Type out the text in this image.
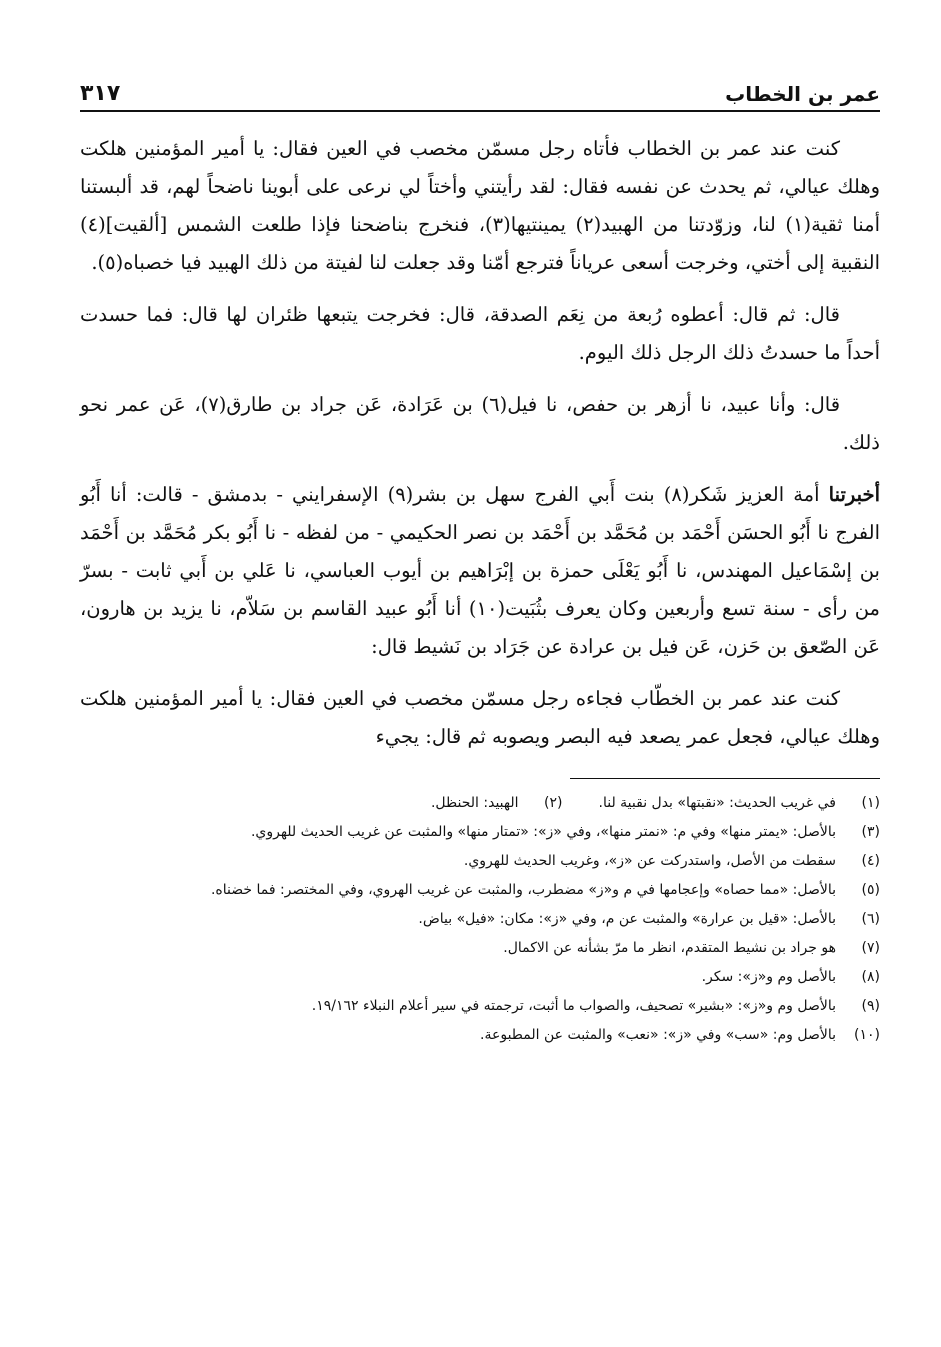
عمر بن الخطاب
٣١٧

كنت عند عمر بن الخطاب فأتاه رجل مسمّن مخصب في العين فقال: يا أمير المؤمنين هلكت وهلك عيالي، ثم يحدث عن نفسه فقال: لقد رأيتني وأختاً لي نرعى على أبوينا ناضحاً لهم، قد ألبستنا أمنا ثقية(١) لنا، وزوّدتنا من الهبيد(٢) يمينتيها(٣)، فنخرج بناضحنا فإذا طلعت الشمس [ألقيت](٤) النقبية إلى أختي، وخرجت أسعى عرياناً فترجع أمّنا وقد جعلت لنا لفيتة من ذلك الهبيد فيا خصباه(٥).

قال: ثم قال: أعطوه رُبعة من نِعَم الصدقة، قال: فخرجت يتبعها ظئران لها قال: فما حسدت أحداً ما حسدتُ ذلك الرجل ذلك اليوم.

قال: وأنا عبيد، نا أزهر بن حفص، نا فيل(٦) بن عَرَادة، عَن جراد بن طارق(٧)، عَن عمر نحو ذلك.

أخبرتنا أمة العزيز شَكر(٨) بنت أَبي الفرج سهل بن بشر(٩) الإسفرايني - بدمشق - قالت: أنا أَبُو الفرج نا أَبُو الحسَن أَحْمَد بن مُحَمَّد بن أَحْمَد بن نصر الحكيمي - من لفظه - نا أَبُو بكر مُحَمَّد بن أَحْمَد بن إسْمَاعيل المهندس، نا أَبُو يَعْلَى حمزة بن إبْرَاهيم بن أيوب العباسي، نا عَلي بن أَبي ثابت - بسرّ من رأى - سنة تسع وأربعين وكان يعرف بثُبَيت(١٠) أنا أَبُو عبيد القاسم بن سَلاّم، نا يزيد بن هارون، عَن الصّعق بن حَزن، عَن فيل بن عرادة عن جَرَاد بن نَشيط قال:

كنت عند عمر بن الخطّاب فجاءه رجل مسمّن مخصب في العين فقال: يا أمير المؤمنين هلكت وهلك عيالي، فجعل عمر يصعد فيه البصر ويصوبه ثم قال: يجيء

(١)
في غريب الحديث: «نقبتها» بدل نقبية لنا.
(٢)
الهبيد: الحنظل.
(٣)
بالأصل: «يمتر منها» وفي م: «نمتر منها»، وفي «ز»: «تمتار منها» والمثبت عن غريب الحديث للهروي.
(٤)
سقطت من الأصل، واستدركت عن «ز»، وغريب الحديث للهروي.
(٥)
بالأصل: «مما حصاه» وإعجامها في م و«ز» مضطرب، والمثبت عن غريب الهروي، وفي المختصر: فما خضناه.
(٦)
بالأصل: «قيل بن عرارة» والمثبت عن م، وفي «ز»: مكان: «فيل» بياض.
(٧)
هو جراد بن نشيط المتقدم، انظر ما مرّ بشأنه عن الاكمال.
(٨)
بالأصل وم و«ز»: سكر.
(٩)
بالأصل وم و«ز»: «بشير» تصحيف، والصواب ما أثبت، ترجمته في سير أعلام النبلاء ١٩/١٦٢.
(١٠)
بالأصل وم: «سب» وفي «ز»: «نعب» والمثبت عن المطبوعة.
